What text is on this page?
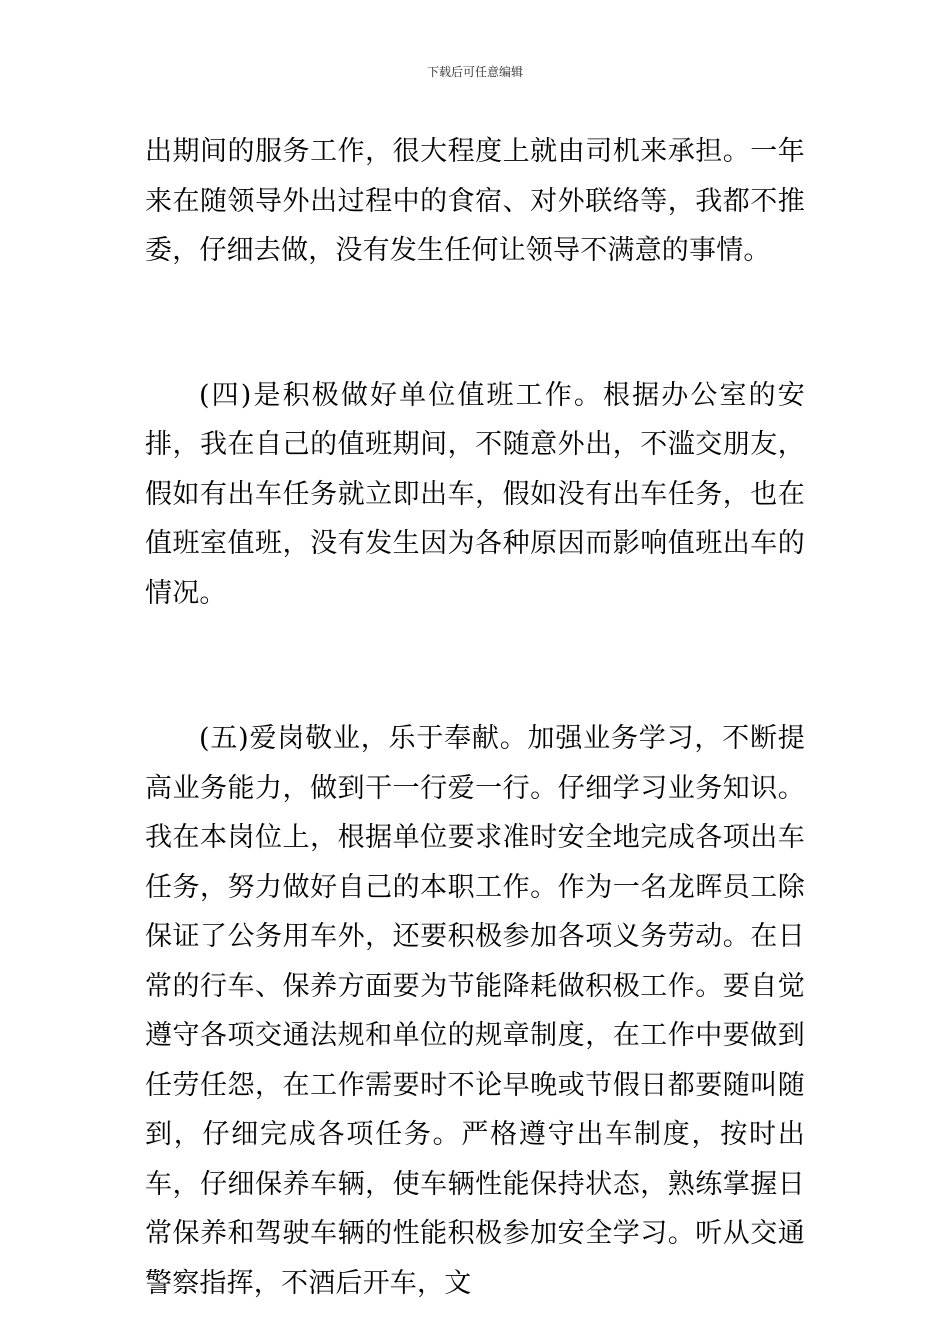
下载后可任意编辑

出期间的服务工作，很大程度上就由司机来承担。一年来在随领导外出过程中的食宿、对外联络等，我都不推委，仔细去做，没有发生任何让领导不满意的事情。

(四)是积极做好单位值班工作。根据办公室的安排，我在自己的值班期间，不随意外出，不滥交朋友，假如有出车任务就立即出车，假如没有出车任务，也在值班室值班，没有发生因为各种原因而影响值班出车的情况。

(五)爱岗敬业，乐于奉献。加强业务学习，不断提高业务能力，做到干一行爱一行。仔细学习业务知识。我在本岗位上，根据单位要求准时安全地完成各项出车任务，努力做好自己的本职工作。作为一名龙晖员工除保证了公务用车外，还要积极参加各项义务劳动。在日常的行车、保养方面要为节能降耗做积极工作。要自觉遵守各项交通法规和单位的规章制度，在工作中要做到任劳任怨，在工作需要时不论早晚或节假日都要随叫随到，仔细完成各项任务。严格遵守出车制度，按时出车，仔细保养车辆，使车辆性能保持状态，熟练掌握日常保养和驾驶车辆的性能积极参加安全学习。听从交通警察指挥，不酒后开车，文
